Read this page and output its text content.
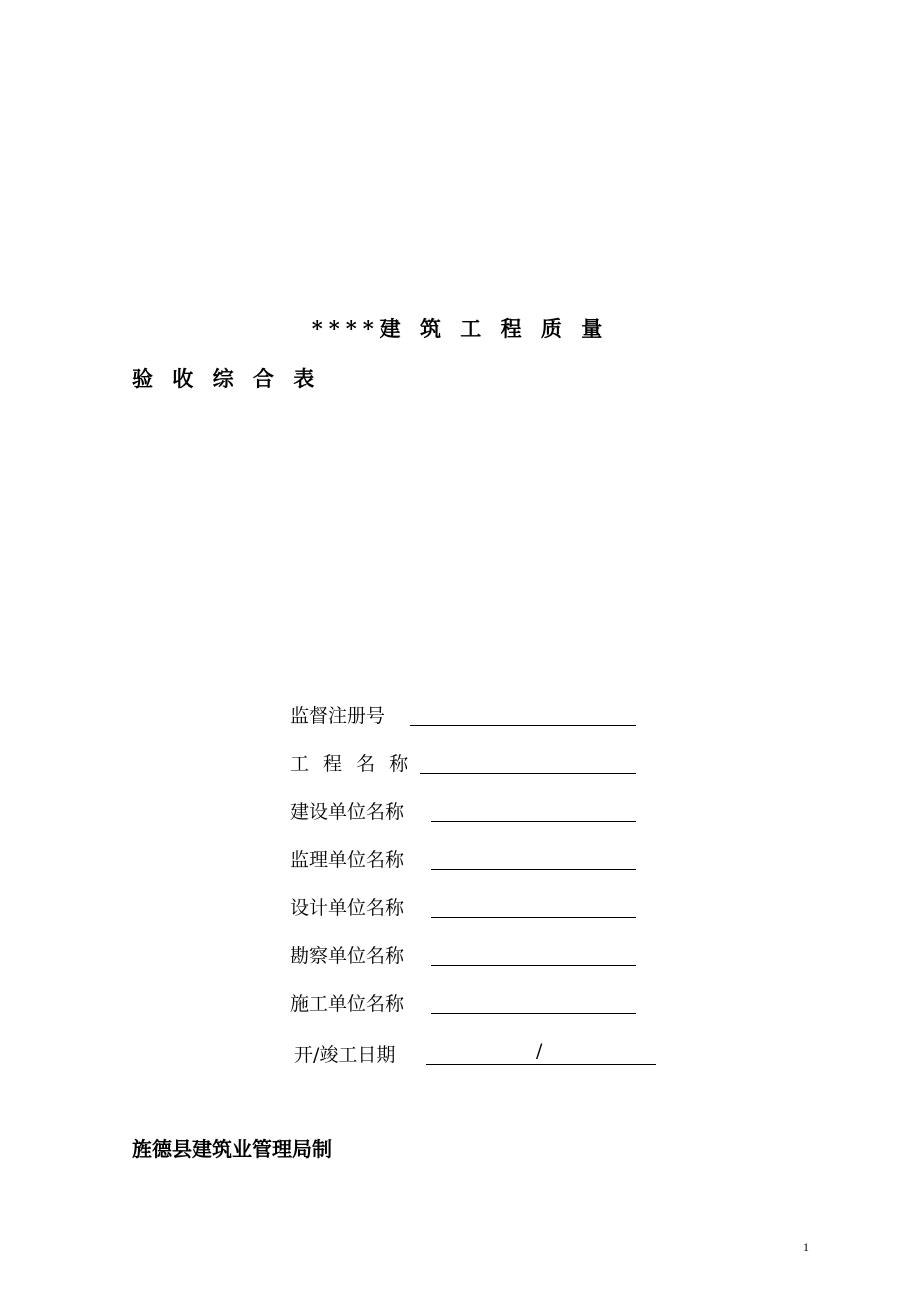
****建 筑 工 程 质 量
验 收 综 合 表
监督注册号
工 程 名 称
建设单位名称
监理单位名称
设计单位名称
勘察单位名称
施工单位名称
开/竣工日期	/
旌德县建筑业管理局制
1
